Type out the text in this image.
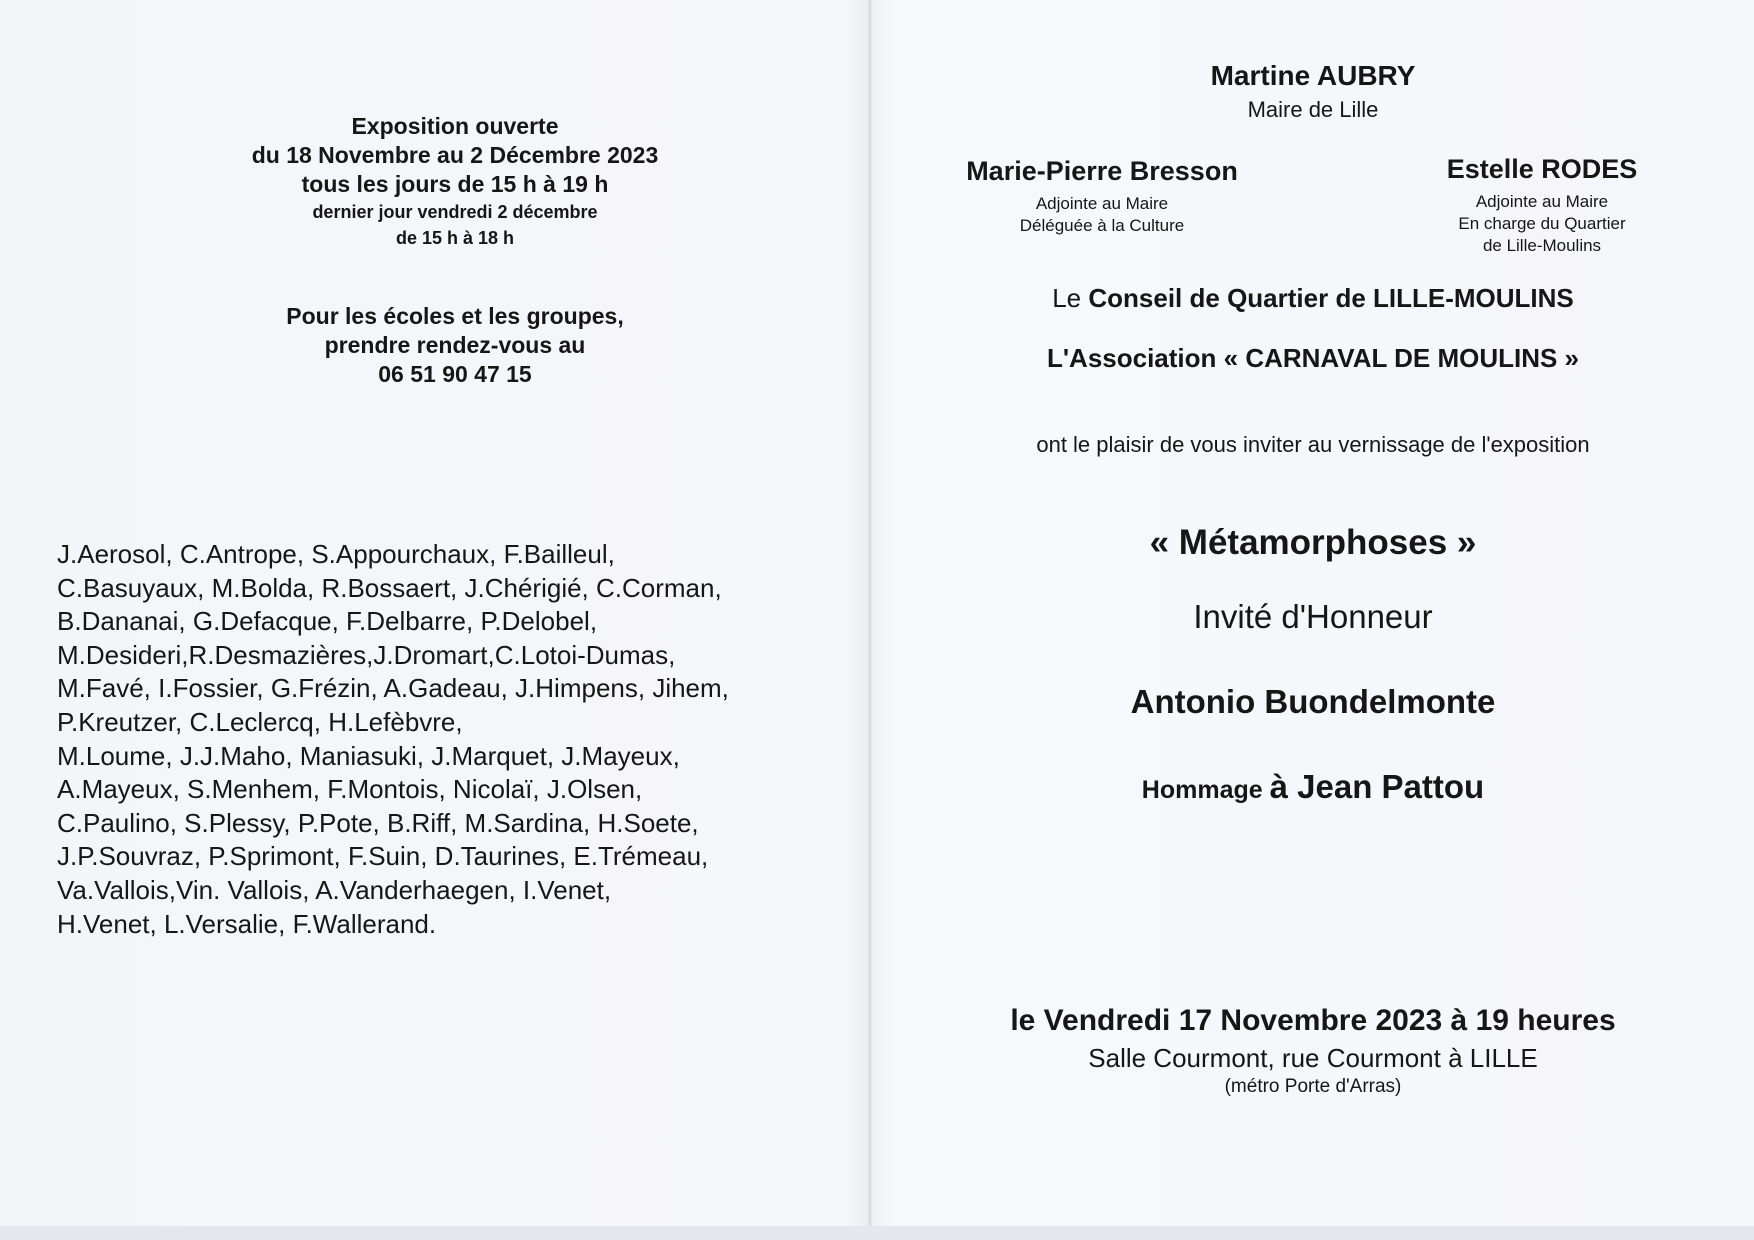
Exposition ouverte
du 18 Novembre au 2 Décembre 2023
tous les jours de 15 h à 19 h
dernier jour vendredi 2 décembre
de 15 h à 18 h
Pour les écoles et les groupes,
prendre rendez-vous au
06 51 90 47 15
J.Aerosol, C.Antrope, S.Appourchaux, F.Bailleul,
C.Basuyaux, M.Bolda, R.Bossaert, J.Chérigié, C.Corman,
B.Dananai, G.Defacque, F.Delbarre, P.Delobel,
M.Desideri,R.Desmazières,J.Dromart,C.Lotoi-Dumas,
M.Favé, I.Fossier, G.Frézin, A.Gadeau, J.Himpens, Jihem,
P.Kreutzer, C.Leclercq, H.Lefèbvre,
M.Loume, J.J.Maho, Maniasuki, J.Marquet, J.Mayeux,
A.Mayeux, S.Menhem, F.Montois, Nicolaï, J.Olsen,
C.Paulino, S.Plessy, P.Pote, B.Riff, M.Sardina, H.Soete,
J.P.Souvraz, P.Sprimont, F.Suin, D.Taurines, E.Trémeau,
Va.Vallois,Vin. Vallois, A.Vanderhaegen, I.Venet,
H.Venet, L.Versalie, F.Wallerand.
Martine AUBRY
Maire de Lille
Marie-Pierre Bresson
Adjointe au Maire
Déléguée à la Culture
Estelle RODES
Adjointe au Maire
En charge du Quartier
de Lille-Moulins
Le Conseil de Quartier de LILLE-MOULINS
L'Association « CARNAVAL DE MOULINS »
ont le plaisir de vous inviter au vernissage de l'exposition
« Métamorphoses »
Invité d'Honneur
Antonio Buondelmonte
Hommage à Jean Pattou
le Vendredi 17 Novembre 2023 à 19 heures
Salle Courmont, rue Courmont à LILLE
(métro Porte d'Arras)
